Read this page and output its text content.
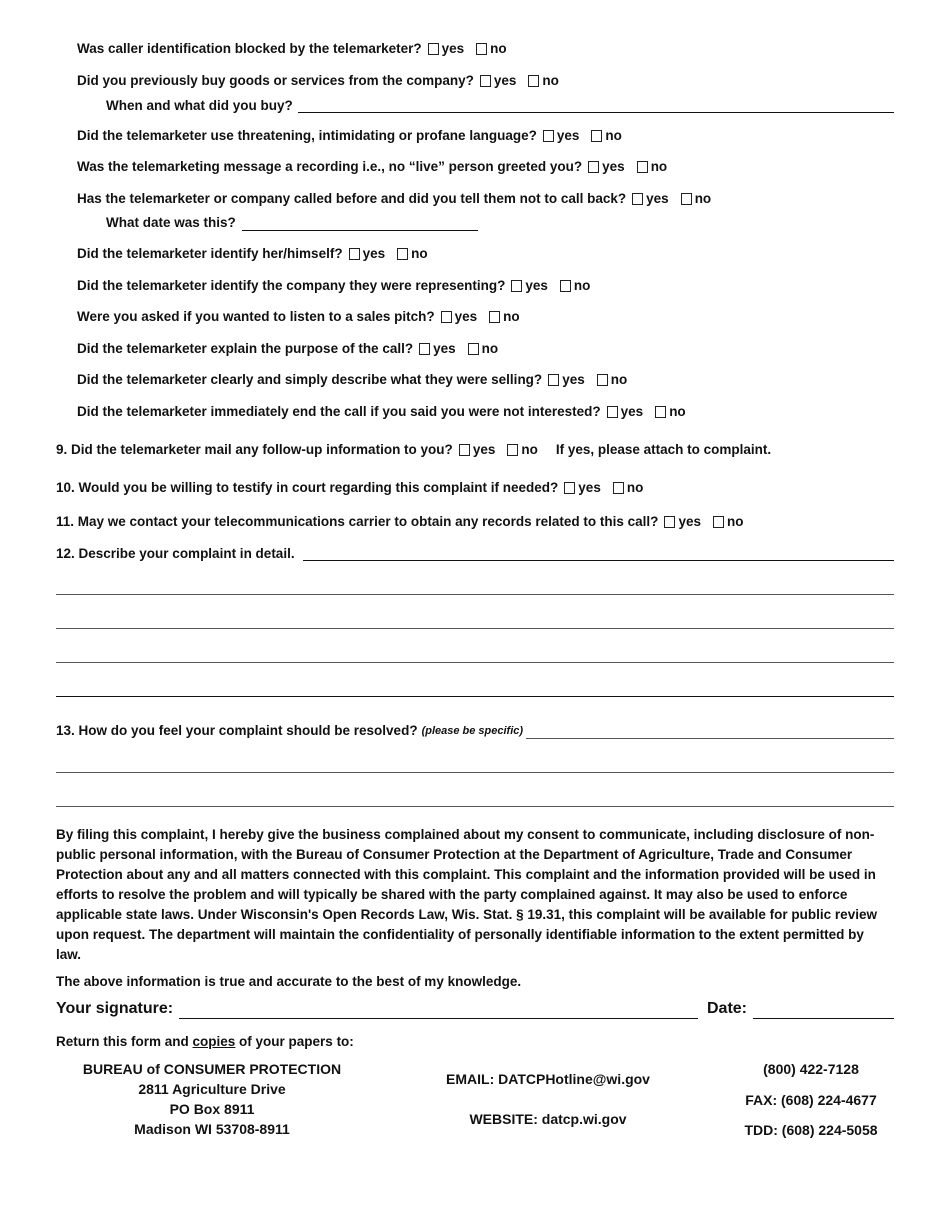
Was caller identification blocked by the telemarketer? yes no
Did you previously buy goods or services from the company? yes no
When and what did you buy?
Did the telemarketer use threatening, intimidating or profane language? yes no
Was the telemarketing message a recording i.e., no “live” person greeted you? yes no
Has the telemarketer or company called before and did you tell them not to call back? yes no
What date was this?
Did the telemarketer identify her/himself? yes no
Did the telemarketer identify the company they were representing? yes no
Were you asked if you wanted to listen to a sales pitch? yes no
Did the telemarketer explain the purpose of the call? yes no
Did the telemarketer clearly and simply describe what they were selling? yes no
Did the telemarketer immediately end the call if you said you were not interested? yes no
9. Did the telemarketer mail any follow-up information to you? yes no If yes, please attach to complaint.
10. Would you be willing to testify in court regarding this complaint if needed? yes no
11. May we contact your telecommunications carrier to obtain any records related to this call? yes no
12. Describe your complaint in detail.
13. How do you feel your complaint should be resolved? (please be specific)
By filing this complaint, I hereby give the business complained about my consent to communicate, including disclosure of non-public personal information, with the Bureau of Consumer Protection at the Department of Agriculture, Trade and Consumer Protection about any and all matters connected with this complaint. This complaint and the information provided will be used in efforts to resolve the problem and will typically be shared with the party complained against. It may also be used to enforce applicable state laws. Under Wisconsin's Open Records Law, Wis. Stat. § 19.31, this complaint will be available for public review upon request. The department will maintain the confidentiality of personally identifiable information to the extent permitted by law.
The above information is true and accurate to the best of my knowledge.
Your signature:	Date:
Return this form and copies of your papers to:
BUREAU of CONSUMER PROTECTION
2811 Agriculture Drive
PO Box 8911
Madison WI 53708-8911
EMAIL: DATCPHotline@wi.gov
WEBSITE: datcp.wi.gov
(800) 422-7128
FAX: (608) 224-4677
TDD: (608) 224-5058
